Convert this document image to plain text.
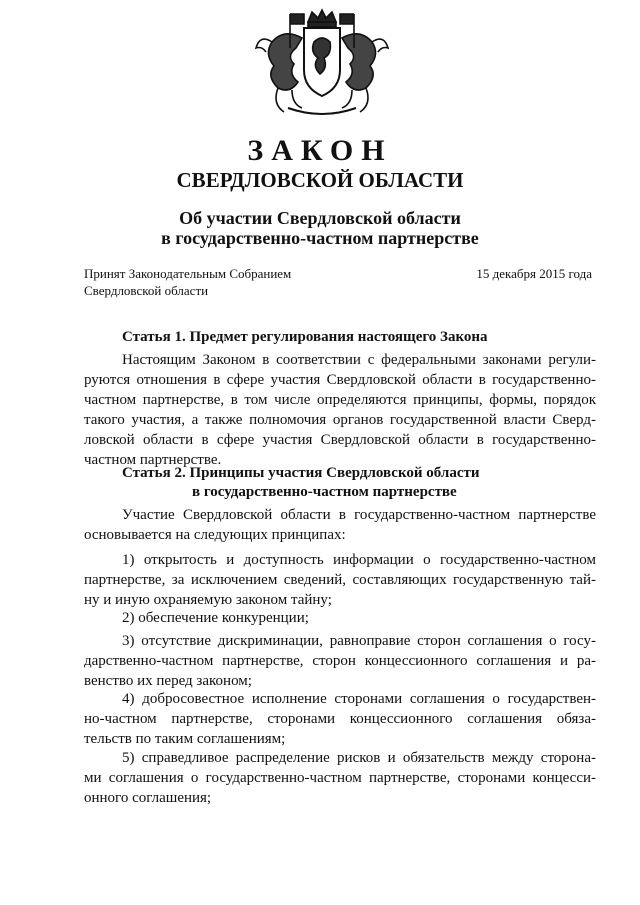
ЗАКОН
СВЕРДЛОВСКОЙ ОБЛАСТИ
Об участии Свердловской области
в государственно-частном партнерстве
Принят Законодательным Собранием
Свердловской области
15 декабря 2015 года
Статья 1. Предмет регулирования настоящего Закона
Настоящим Законом в соответствии с федеральными законами регули-
руются отношения в сфере участия Свердловской области в государственно-
частном партнерстве, в том числе определяются принципы, формы, порядок
такого участия, а также полномочия органов государственной власти Сверд-
ловской области в сфере участия Свердловской области в государственно-
частном партнерстве.
Статья 2. Принципы участия Свердловской области
в государственно-частном партнерстве
Участие Свердловской области в государственно-частном партнерстве
основывается на следующих принципах:
1) открытость и доступность информации о государственно-частном
партнерстве, за исключением сведений, составляющих государственную тай-
ну и иную охраняемую законом тайну;
2) обеспечение конкуренции;
3) отсутствие дискриминации, равноправие сторон соглашения о госу-
дарственно-частном партнерстве, сторон концессионного соглашения и ра-
венство их перед законом;
4) добросовестное исполнение сторонами соглашения о государствен-
но-частном партнерстве, сторонами концессионного соглашения обяза-
тельств по таким соглашениям;
5) справедливое распределение рисков и обязательств между сторона-
ми соглашения о государственно-частном партнерстве, сторонами концесси-
онного соглашения;
